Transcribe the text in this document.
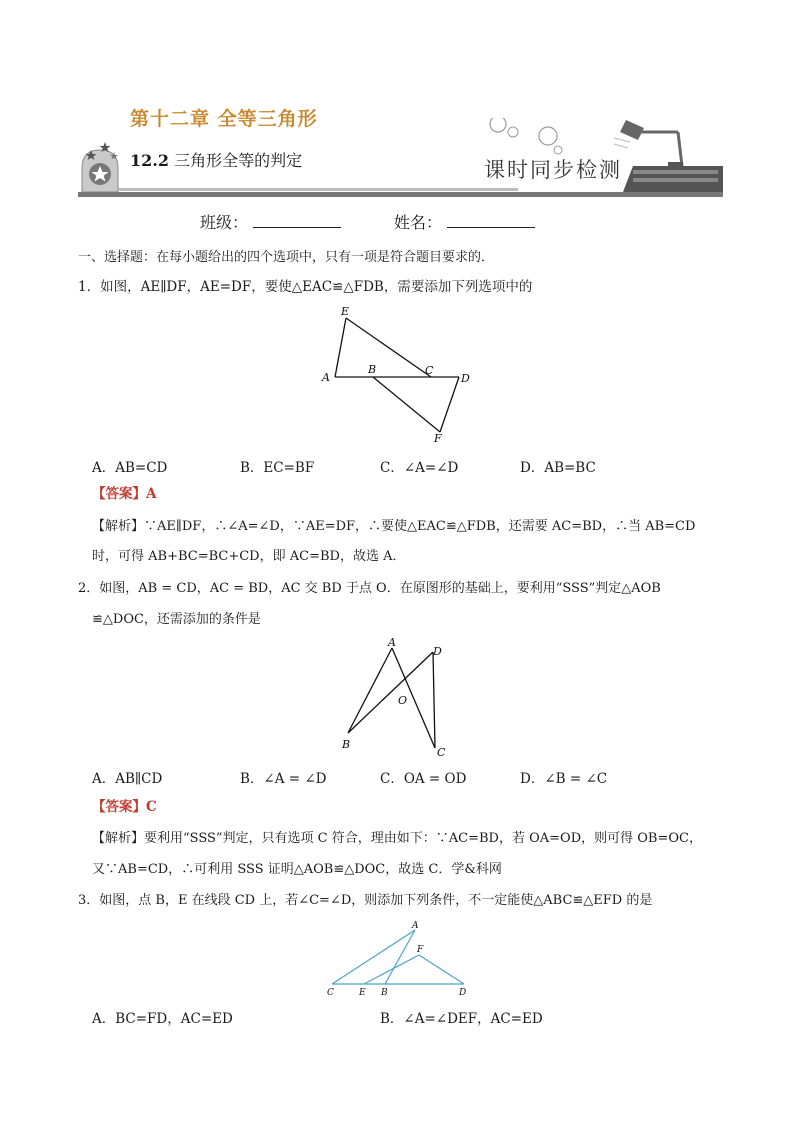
第十二章 全等三角形
12.2 三角形全等的判定	课时同步检测
班级：	姓名：
一、选择题：在每小题给出的四个选项中，只有一项是符合题目要求的．
1．如图，AE∥DF，AE=DF，要使△EAC≌△FDB，需要添加下列选项中的
E
A
B	C
D
F
A．AB=CD	B．EC=BF	C．∠A=∠D	D．AB=BC
【答案】A
【解析】∵AE∥DF，∴∠A=∠D，∵AE=DF，∴要使△EAC≌△FDB，还需要 AC=BD，∴当 AB=CD
时，可得 AB+BC=BC+CD，即 AC=BD，故选 A．
2．如图，AB = CD，AC = BD，AC 交 BD 于点 O．在原图形的基础上，要利用“SSS”判定△AOB
≌△DOC，还需添加的条件是
A
D
O
B
C
A．AB∥CD	B．∠A = ∠D	C．OA = OD	D．∠B = ∠C
【答案】C
【解析】要利用“SSS”判定，只有选项 C 符合，理由如下：∵AC=BD，若 OA=OD，则可得 OB=OC，
又∵AB=CD，∴可利用 SSS 证明△AOB≌△DOC，故选 C．学&科网
3．如图，点 B，E 在线段 CD 上，若∠C=∠D，则添加下列条件，不一定能使△ABC≌△EFD 的是
A
F
C	E B	D
A．BC=FD，AC=ED	B．∠A=∠DEF，AC=ED
